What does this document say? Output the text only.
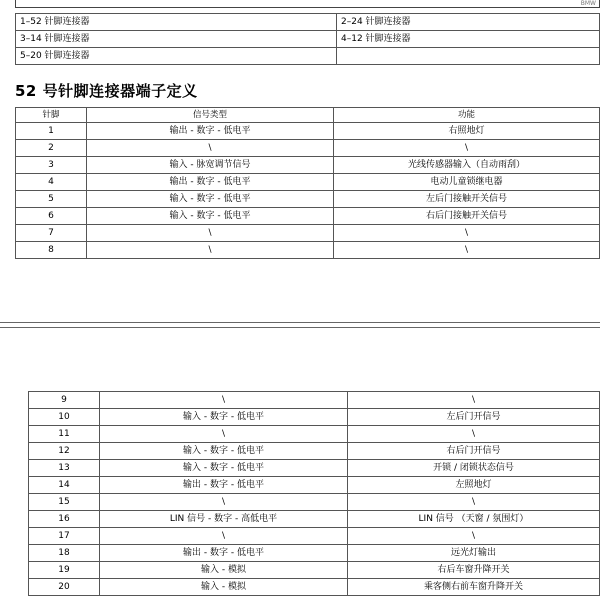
BMW
1–52 针脚连接器	2–24 针脚连接器
3–14 针脚连接器	4–12 针脚连接器
5–20 针脚连接器	
52 号针脚连接器端子定义
针脚	信号类型	功能
1	输出 - 数字 - 低电平	右照地灯
2	\	\
3	输入 - 脉宽调节信号	光线传感器输入（自动雨刮）
4	输出 - 数字 - 低电平	电动儿童锁继电器
5	输入 - 数字 - 低电平	左后门接触开关信号
6	输入 - 数字 - 低电平	右后门接触开关信号
7	\	\
8	\	\
9	\	\
10	输入 - 数字 - 低电平	左后门开信号
11	\	\
12	输入 - 数字 - 低电平	右后门开信号
13	输入 - 数字 - 低电平	开锁 / 闭锁状态信号
14	输出 - 数字 - 低电平	左照地灯
15	\	\
16	LIN 信号 - 数字 - 高低电平	LIN 信号 （天窗 / 氛围灯）
17	\	\
18	输出 - 数字 - 低电平	远光灯输出
19	输入 - 模拟	右后车窗升降开关
20	输入 - 模拟	乘客侧右前车窗升降开关
